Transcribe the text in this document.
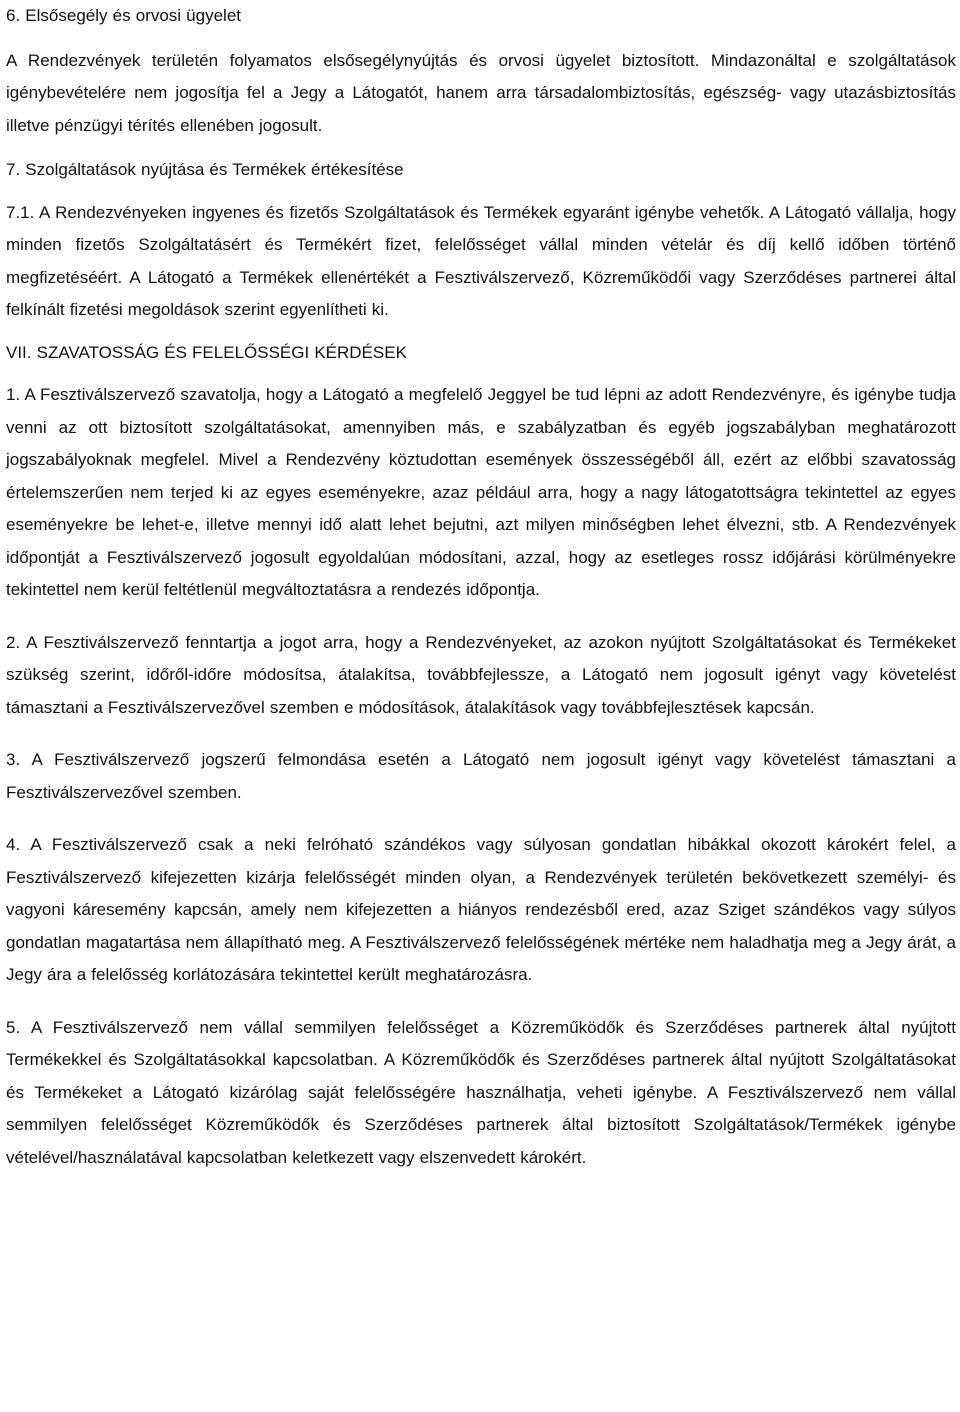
6. Elsősegély és orvosi ügyelet

A Rendezvények területén folyamatos elsősegélynyújtás és orvosi ügyelet biztosított. Mindazonáltal e szolgáltatások igénybevételére nem jogosítja fel a Jegy a Látogatót, hanem arra társadalombiztosítás, egészség- vagy utazásbiztosítás illetve pénzügyi térítés ellenében jogosult.

7. Szolgáltatások nyújtása és Termékek értékesítése

7.1. A Rendezvényeken ingyenes és fizetős Szolgáltatások és Termékek egyaránt igénybe vehetők. A Látogató vállalja, hogy minden fizetős Szolgáltatásért és Termékért fizet, felelősséget vállal minden vételár és díj kellő időben történő megfizetéséért. A Látogató a Termékek ellenértékét a Fesztiválszervező, Közreműködői vagy Szerződéses partnerei által felkínált fizetési megoldások szerint egyenlítheti ki.

VII. SZAVATOSSÁG ÉS FELELŐSSÉGI KÉRDÉSEK

1. A Fesztiválszervező szavatolja, hogy a Látogató a megfelelő Jeggyel be tud lépni az adott Rendezvényre, és igénybe tudja venni az ott biztosított szolgáltatásokat, amennyiben más, e szabályzatban és egyéb jogszabályban meghatározott jogszabályoknak megfelel. Mivel a Rendezvény köztudottan események összességéből áll, ezért az előbbi szavatosság értelemszerűen nem terjed ki az egyes eseményekre, azaz például arra, hogy a nagy látogatottságra tekintettel az egyes eseményekre be lehet-e, illetve mennyi idő alatt lehet bejutni, azt milyen minőségben lehet élvezni, stb. A Rendezvények időpontját a Fesztiválszervező jogosult egyoldalúan módosítani, azzal, hogy az esetleges rossz időjárási körülményekre tekintettel nem kerül feltétlenül megváltoztatásra a rendezés időpontja.

2. A Fesztiválszervező fenntartja a jogot arra, hogy a Rendezvényeket, az azokon nyújtott Szolgáltatásokat és Termékeket szükség szerint, időről-időre módosítsa, átalakítsa, továbbfejlessze, a Látogató nem jogosult igényt vagy követelést támasztani a Fesztiválszervezővel szemben e módosítások, átalakítások vagy továbbfejlesztések kapcsán.

3. A Fesztiválszervező jogszerű felmondása esetén a Látogató nem jogosult igényt vagy követelést támasztani a Fesztiválszervezővel szemben.

4. A Fesztiválszervező csak a neki felróható szándékos vagy súlyosan gondatlan hibákkal okozott károkért felel, a Fesztiválszervező kifejezetten kizárja felelősségét minden olyan, a Rendezvények területén bekövetkezett személyi- és vagyoni káresemény kapcsán, amely nem kifejezetten a hiányos rendezésből ered, azaz Sziget szándékos vagy súlyos gondatlan magatartása nem állapítható meg. A Fesztiválszervező felelősségének mértéke nem haladhatja meg a Jegy árát, a Jegy ára a felelősség korlátozására tekintettel került meghatározásra.

5. A Fesztiválszervező nem vállal semmilyen felelősséget a Közreműködők és Szerződéses partnerek által nyújtott Termékekkel és Szolgáltatásokkal kapcsolatban. A Közreműködők és Szerződéses partnerek által nyújtott Szolgáltatásokat és Termékeket a Látogató kizárólag saját felelősségére használhatja, veheti igénybe. A Fesztiválszervező nem vállal semmilyen felelősséget Közreműködők és Szerződéses partnerek által biztosított Szolgáltatások/Termékek igénybe vételével/használatával kapcsolatban keletkezett vagy elszenvedett károkért.
